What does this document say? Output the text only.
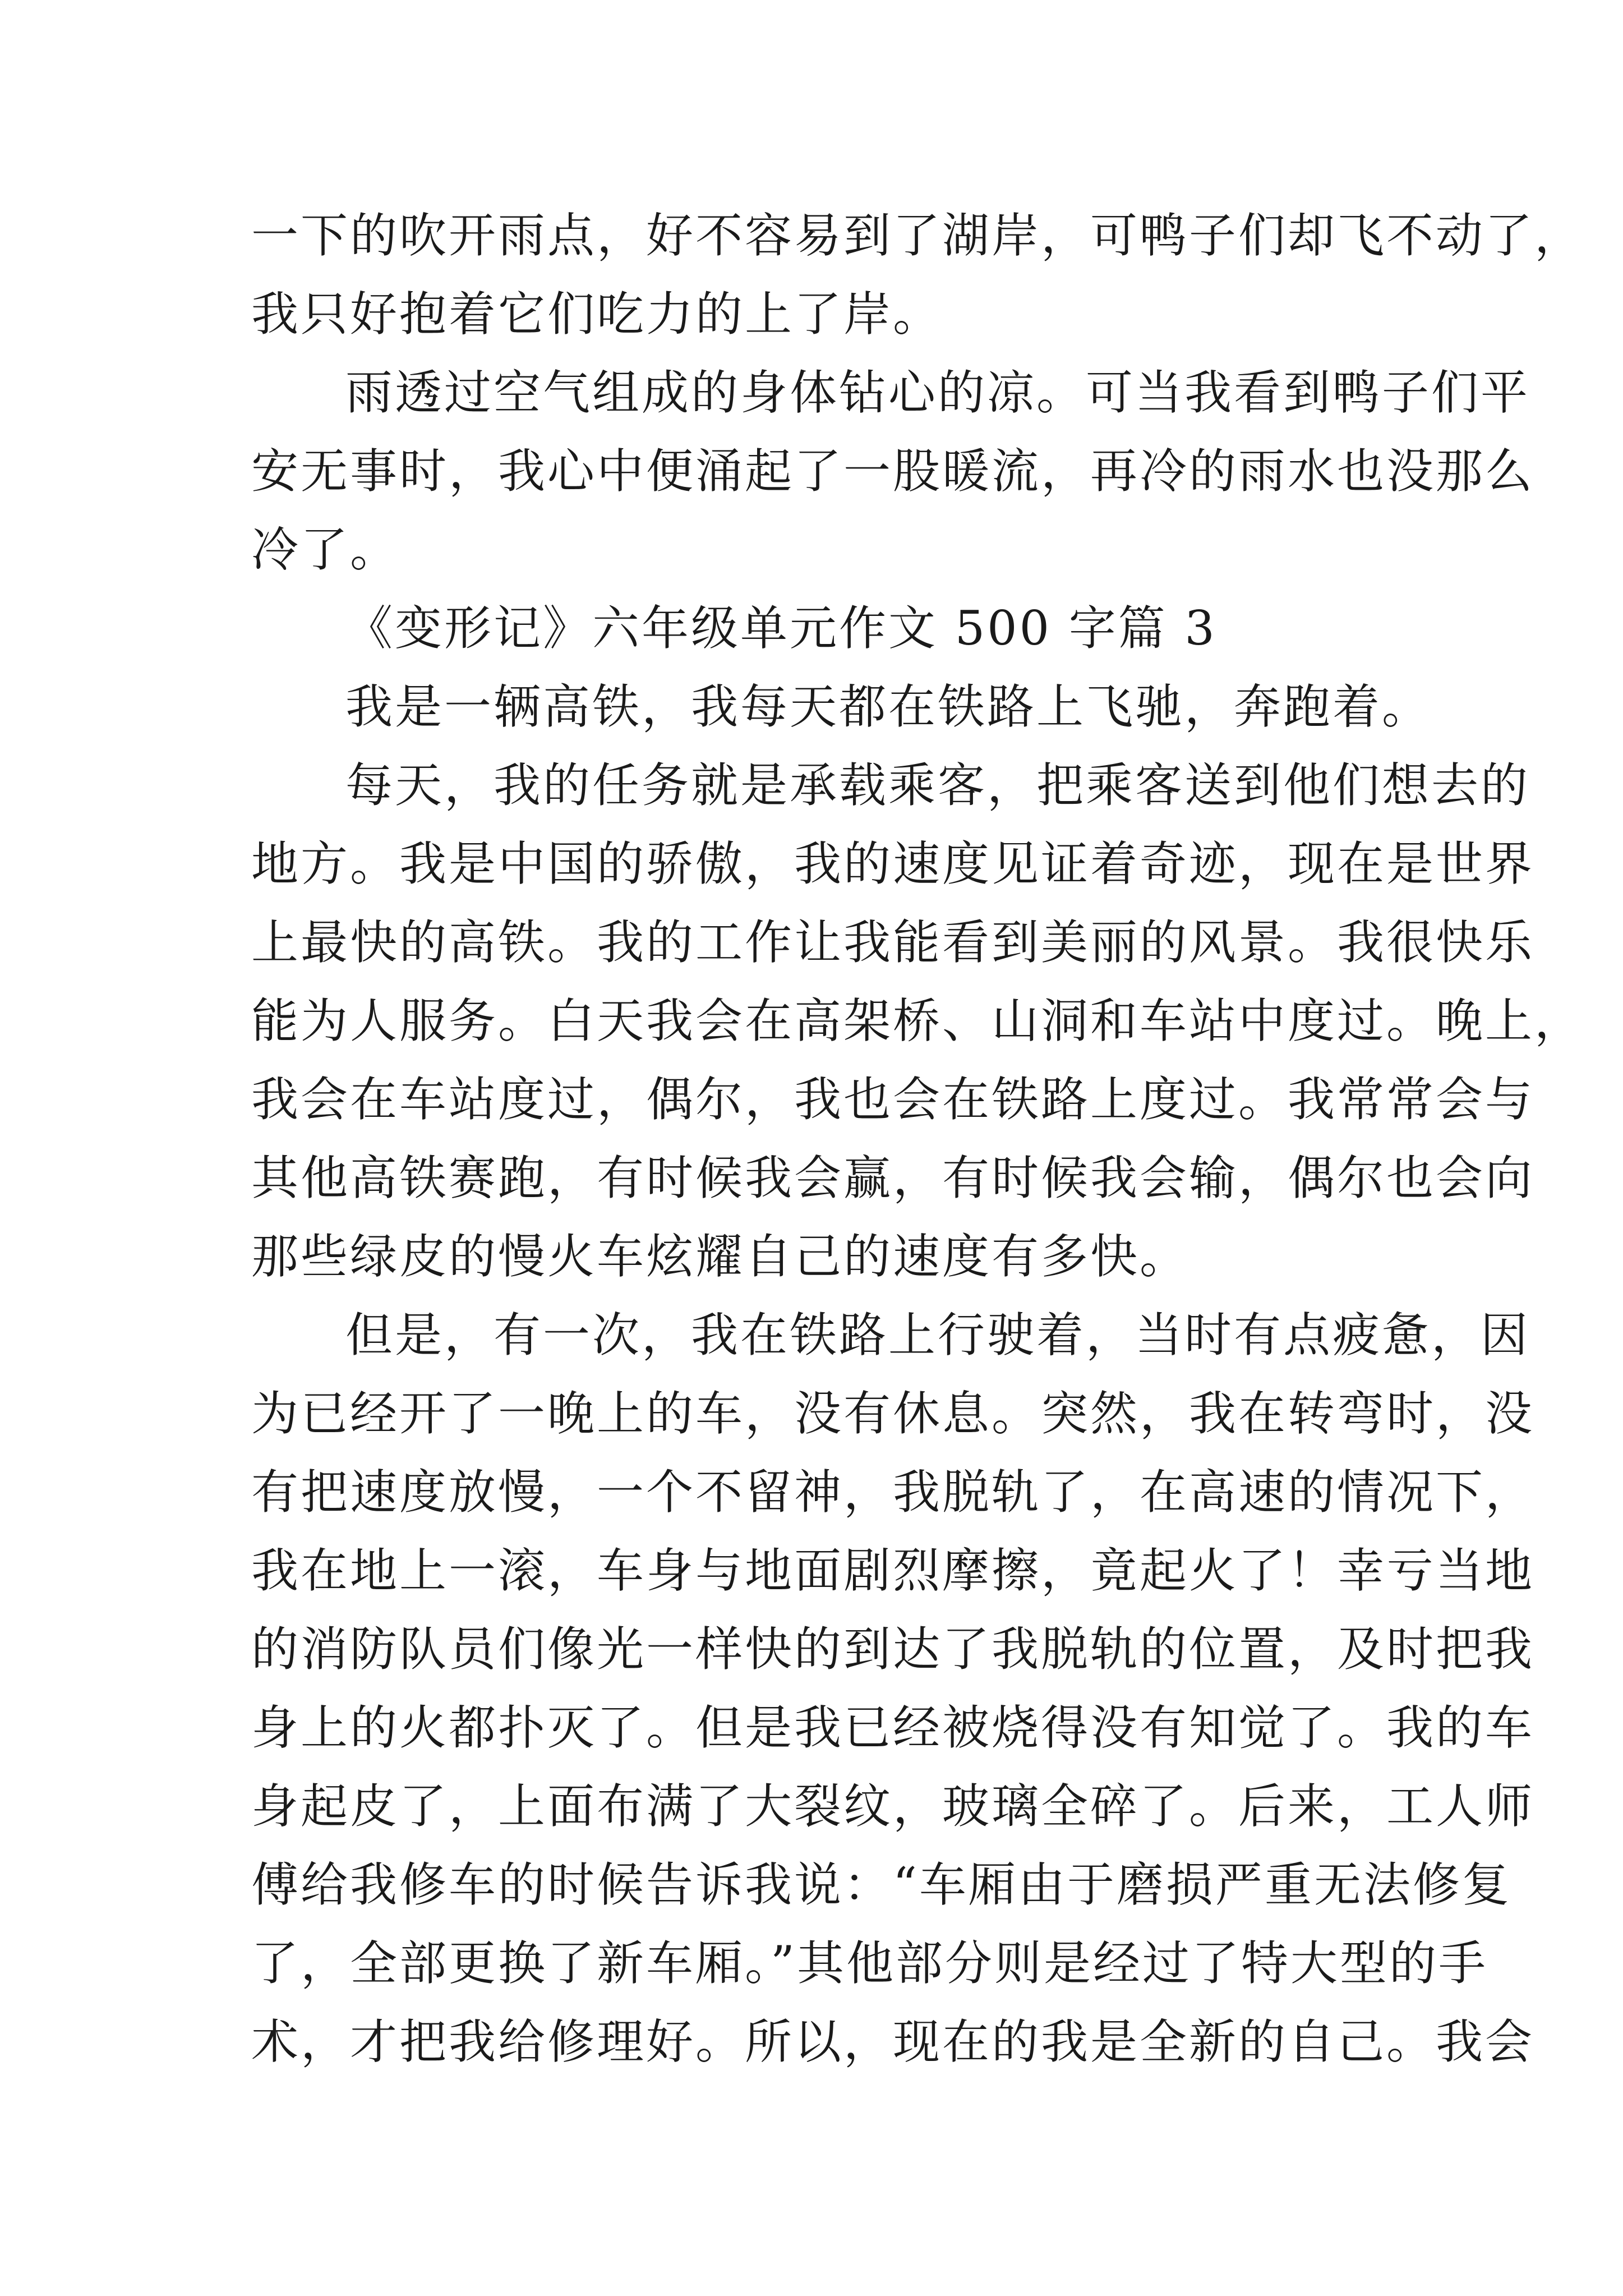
一下的吹开雨点，好不容易到了湖岸，可鸭子们却飞不动了，
我只好抱着它们吃力的上了岸。
雨透过空气组成的身体钻心的凉。可当我看到鸭子们平
安无事时，我心中便涌起了一股暖流，再冷的雨水也没那么
冷了。
《变形记》六年级单元作文 500 字篇 3
我是一辆高铁，我每天都在铁路上飞驰，奔跑着。
每天，我的任务就是承载乘客，把乘客送到他们想去的
地方。我是中国的骄傲，我的速度见证着奇迹，现在是世界
上最快的高铁。我的工作让我能看到美丽的风景。我很快乐
能为人服务。白天我会在高架桥、山洞和车站中度过。晚上，
我会在车站度过，偶尔，我也会在铁路上度过。我常常会与
其他高铁赛跑，有时候我会赢，有时候我会输，偶尔也会向
那些绿皮的慢火车炫耀自己的速度有多快。
但是，有一次，我在铁路上行驶着，当时有点疲惫，因
为已经开了一晚上的车，没有休息。突然，我在转弯时，没
有把速度放慢，一个不留神，我脱轨了，在高速的情况下，
我在地上一滚，车身与地面剧烈摩擦，竟起火了！幸亏当地
的消防队员们像光一样快的到达了我脱轨的位置，及时把我
身上的火都扑灭了。但是我已经被烧得没有知觉了。我的车
身起皮了，上面布满了大裂纹，玻璃全碎了。后来，工人师
傅给我修车的时候告诉我说：“车厢由于磨损严重无法修复
了，全部更换了新车厢。”其他部分则是经过了特大型的手
术，才把我给修理好。所以，现在的我是全新的自己。我会
